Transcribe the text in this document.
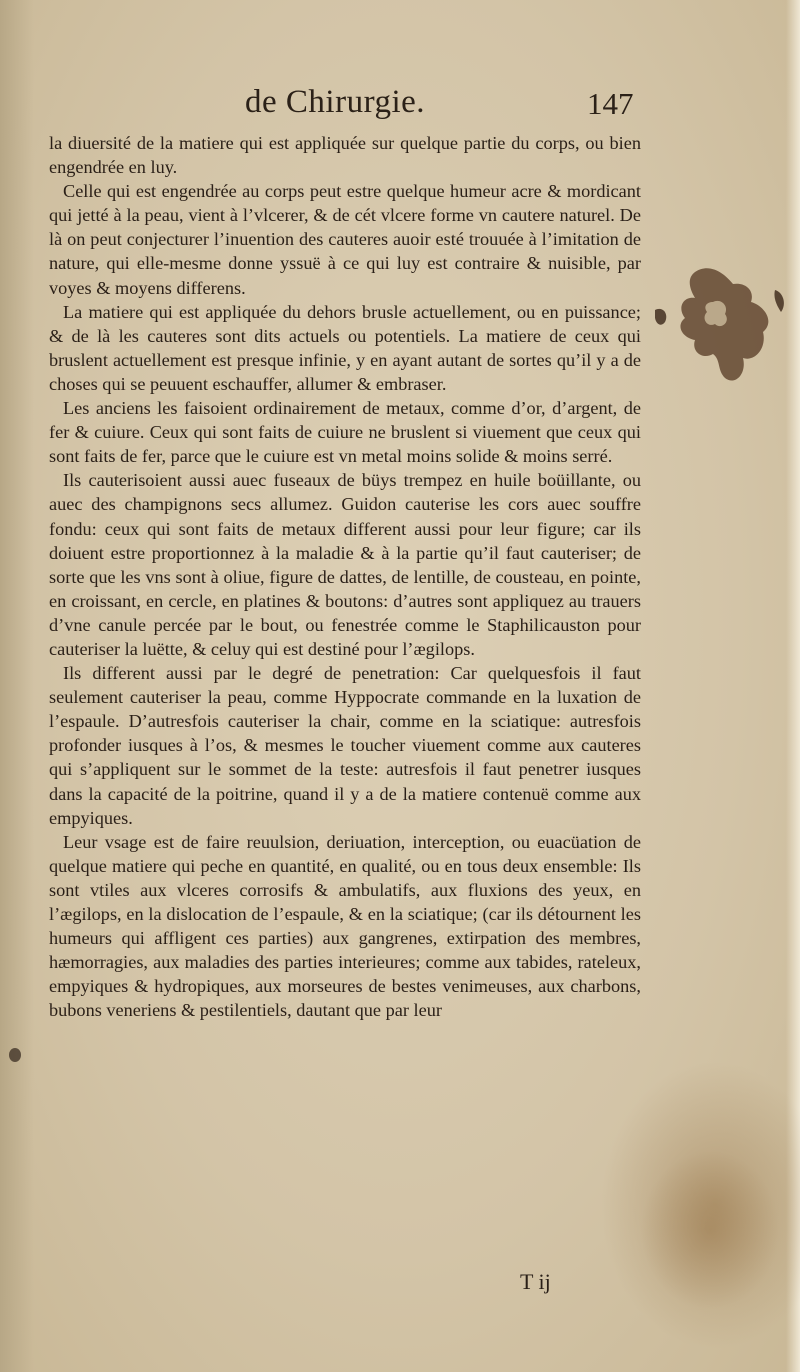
de Chirurgie.	147

la diuersité de la matiere qui est appliquée sur quelque partie du corps, ou bien engendrée en luy.

Celle qui est engendrée au corps peut estre quelque humeur acre & mordicant qui jetté à la peau, vient à l’vlcerer, & de cét vlcere forme vn cautere naturel. De là on peut conjecturer l’inuention des cauteres auoir esté trouuée à l’imitation de nature, qui elle-mesme donne yssuë à ce qui luy est contraire & nuisible, par voyes & moyens differens.

La matiere qui est appliquée du dehors brusle actuellement, ou en puissance; & de là les cauteres sont dits actuels ou potentiels. La matiere de ceux qui bruslent actuellement est presque infinie, y en ayant autant de sortes qu’il y a de choses qui se peuuent eschauffer, allumer & embraser.

Les anciens les faisoient ordinairement de metaux, comme d’or, d’argent, de fer & cuiure. Ceux qui sont faits de cuiure ne bruslent si viuement que ceux qui sont faits de fer, parce que le cuiure est vn metal moins solide & moins serré.

Ils cauterisoient aussi auec fuseaux de büys trempez en huile boüillante, ou auec des champignons secs allumez. Guidon cauterise les cors auec souffre fondu: ceux qui sont faits de metaux different aussi pour leur figure; car ils doiuent estre proportionnez à la maladie & à la partie qu’il faut cauteriser; de sorte que les vns sont à oliue, figure de dattes, de lentille, de cousteau, en pointe, en croissant, en cercle, en platines & boutons: d’autres sont appliquez au trauers d’vne canule percée par le bout, ou fenestrée comme le Staphilicauston pour cauteriser la luëtte, & celuy qui est destiné pour l’ægilops.

Ils different aussi par le degré de penetration: Car quelquesfois il faut seulement cauteriser la peau, comme Hyppocrate commande en la luxation de l’espaule. D’autresfois cauteriser la chair, comme en la sciatique: autresfois profonder iusques à l’os, & mesmes le toucher viuement comme aux cauteres qui s’appliquent sur le sommet de la teste: autresfois il faut penetrer iusques dans la capacité de la poitrine, quand il y a de la matiere contenuë comme aux empyiques.

Leur vsage est de faire reuulsion, deriuation, interception, ou euacüation de quelque matiere qui peche en quantité, en qualité, ou en tous deux ensemble: Ils sont vtiles aux vlceres corrosifs & ambulatifs, aux fluxions des yeux, en l’ægilops, en la dislocation de l’espaule, & en la sciatique; (car ils détournent les humeurs qui affligent ces parties) aux gangrenes, extirpation des membres, hæmorragies, aux maladies des parties interieures; comme aux tabides, rateleux, empyiques & hydropiques, aux morseures de bestes venimeuses, aux charbons, bubons veneriens & pestilentiels, dautant que par leur

T ij
